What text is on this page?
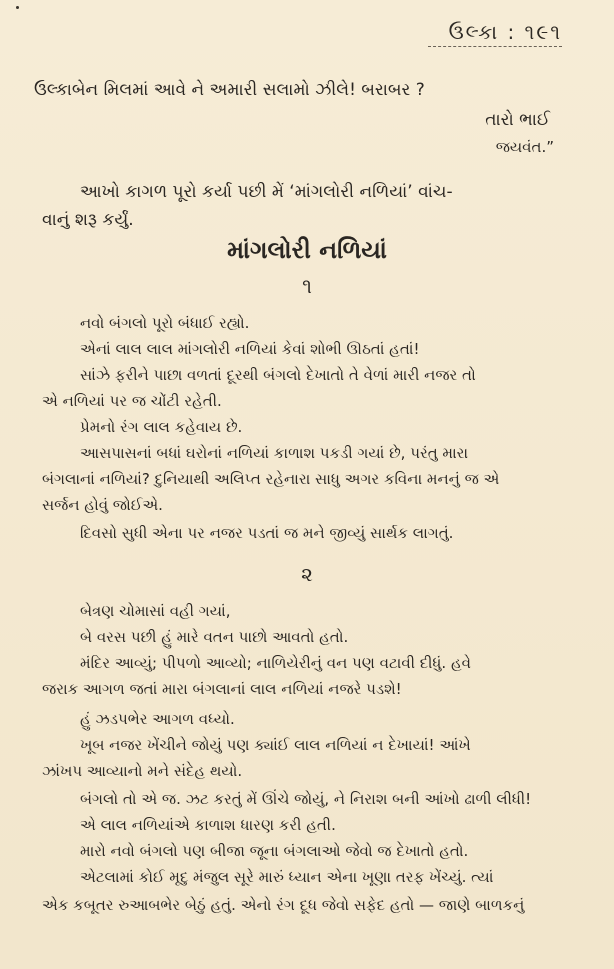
ઉલ્કા : ૧૯૧
ઉલ્કાબેન મિલમાં આવે ને અમારી સલામો ઝીલે! બરાબર ?
તારો ભાઈ
જયવંત.”
આખો કાગળ પૂરો કર્યા પછી મેં ‘માંગલોરી નળિયાં’ વાંચ-
વાનું શરૂ કર્યું.
માંગલોરી નળિયાં
૧
નવો બંગલો પૂરો બંધાઈ રહ્યો.
એનાં લાલ લાલ માંગલોરી નળિયાં કેવાં શોભી ઊઠતાં હતાં!
સાંઝે ફરીને પાછા વળતાં દૂરથી બંગલો દેખાતો તે વેળાં મારી નજર તો
એ નળિયાં પર જ ચોંટી રહેતી.
પ્રેમનો રંગ લાલ કહેવાય છે.
આસપાસનાં બધાં ઘરોનાં નળિયાં કાળાશ પકડી ગયાં છે, પરંતુ મારા
બંગલાનાં નળિયાં? દુનિયાથી અલિપ્ત રહેનારા સાધુ અગર કવિના મનનું જ એ
સર્જન હોવું જોઈએ.
દિવસો સુધી એના પર નજર પડતાં જ મને જીવ્યું સાર્થક લાગતું.
૨
બેત્રણ ચોમાસાં વહી ગયાં,
બે વરસ પછી હું મારે વતન પાછો આવતો હતો.
મંદિર આવ્યું; પીપળો આવ્યો; નાળિયેરીનું વન પણ વટાવી દીધું. હવે
જરાક આગળ જતાં મારા બંગલાનાં લાલ નળિયાં નજરે પડશે!
હું ઝડપભેર આગળ વધ્યો.
ખૂબ નજર ખેંચીને જોયું પણ ક્યાંઈ લાલ નળિયાં ન દેખાયાં! આંખે
ઝાંખપ આવ્યાનો મને સંદેહ થયો.
બંગલો તો એ જ. ઝટ કરતું મેં ઊંચે જોયું, ને નિરાશ બની આંખો ઢાળી લીધી!
એ લાલ નળિયાંએ કાળાશ ધારણ કરી હતી.
મારો નવો બંગલો પણ બીજા જૂના બંગલાઓ જેવો જ દેખાતો હતો.
એટલામાં કોઈ મૃદુ મંજુલ સૂરે મારું ધ્યાન એના ખૂણા તરફ ખેંચ્યું. ત્યાં
એક કબૂતર રુઆબભેર બેઠું હતું. એનો રંગ દૂધ જેવો સફેદ હતો — જાણે બાળકનું
